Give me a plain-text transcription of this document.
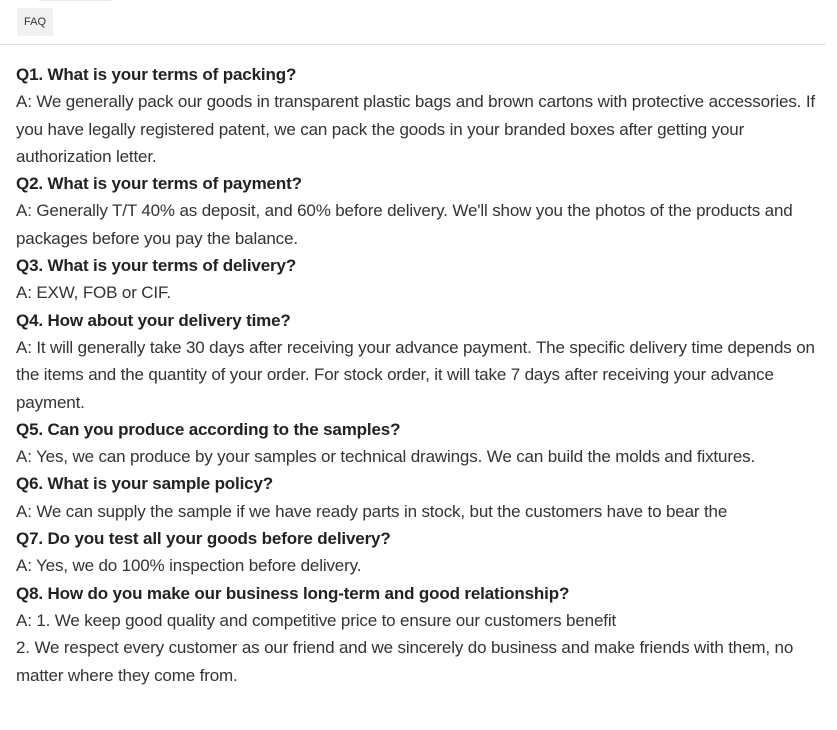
FAQ

Q1. What is your terms of packing?

A: We generally pack our goods in transparent plastic bags and brown cartons with protective accessories. If you have legally registered patent, we can pack the goods in your branded boxes after getting your authorization letter.

Q2. What is your terms of payment?

A: Generally T/T 40% as deposit, and 60% before delivery. We'll show you the photos of the products and packages before you pay the balance.

Q3. What is your terms of delivery?

A: EXW, FOB or CIF.

Q4. How about your delivery time?

A: It will generally take 30 days after receiving your advance payment. The specific delivery time depends on the items and the quantity of your order. For stock order, it will take 7 days after receiving your advance payment.

Q5. Can you produce according to the samples?

A: Yes, we can produce by your samples or technical drawings. We can build the molds and fixtures.

Q6. What is your sample policy?

A: We can supply the sample if we have ready parts in stock, but the customers have to bear the

Q7. Do you test all your goods before delivery?

A: Yes, we do 100% inspection before delivery.

Q8. How do you make our business long-term and good relationship?

A: 1. We keep good quality and competitive price to ensure our customers benefit

2. We respect every customer as our friend and we sincerely do business and make friends with them, no matter where they come from.
